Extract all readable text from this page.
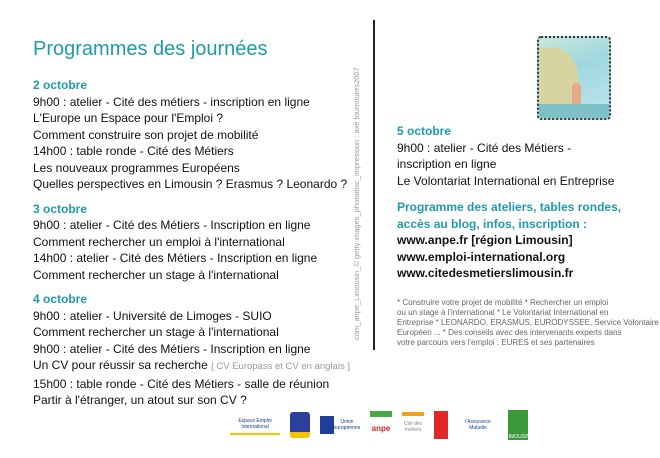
Programmes des journées
2 octobre
9h00 : atelier - Cité des métiers - inscription en ligne
L'Europe un Espace pour l'Emploi ?
Comment construire son projet de mobilité
14h00 : table ronde - Cité des Métiers
Les nouveaux programmes Européens
Quelles perspectives en Limousin ? Erasmus ? Leonardo ?
3 octobre
9h00 : atelier - Cité des Métiers - Inscription en ligne
Comment rechercher un emploi à l'international
14h00 : atelier - Cité des Métiers - Inscription en ligne
Comment rechercher un stage à l'international
4 octobre
9h00 : atelier - Université de Limoges - SUIO
Comment rechercher un stage à l'international
9h00 : atelier - Cité des Métiers - Inscription en ligne
Un CV pour réussir sa recherche [ CV Europass et CV en anglais ]
15h00 : table ronde - Cité des Métiers - salle de réunion
Partir à l'étranger, un atout sur son CV ?
com_anpe_Limousin_© getty images_photodisc_impression : axe fournitures2007	5 octobre
9h00 : atelier - Cité des Métiers -
inscription en ligne
Le Volontariat International en Entreprise
Programme des ateliers, tables rondes,
accès au blog, infos, inscription :
www.anpe.fr [région Limousin]
www.emploi-international.org
www.citedesmetierslimousin.fr
* Construire votre projet de mobilité * Rechercher un emploi
ou un stage à l'international * Le Volontariat International en
Entreprise * LEONARDO, ERASMUS, EURODYSSEE, Service Volontaire
Européen ... * Des conseils avec des intervenants experts dans
votre parcours vers l'emploi : EURES et ses partenaires
Espace Emploi International
Union européenne anpe	Cité des métiers
l'Assurance Maladie
LIMOUSIN
